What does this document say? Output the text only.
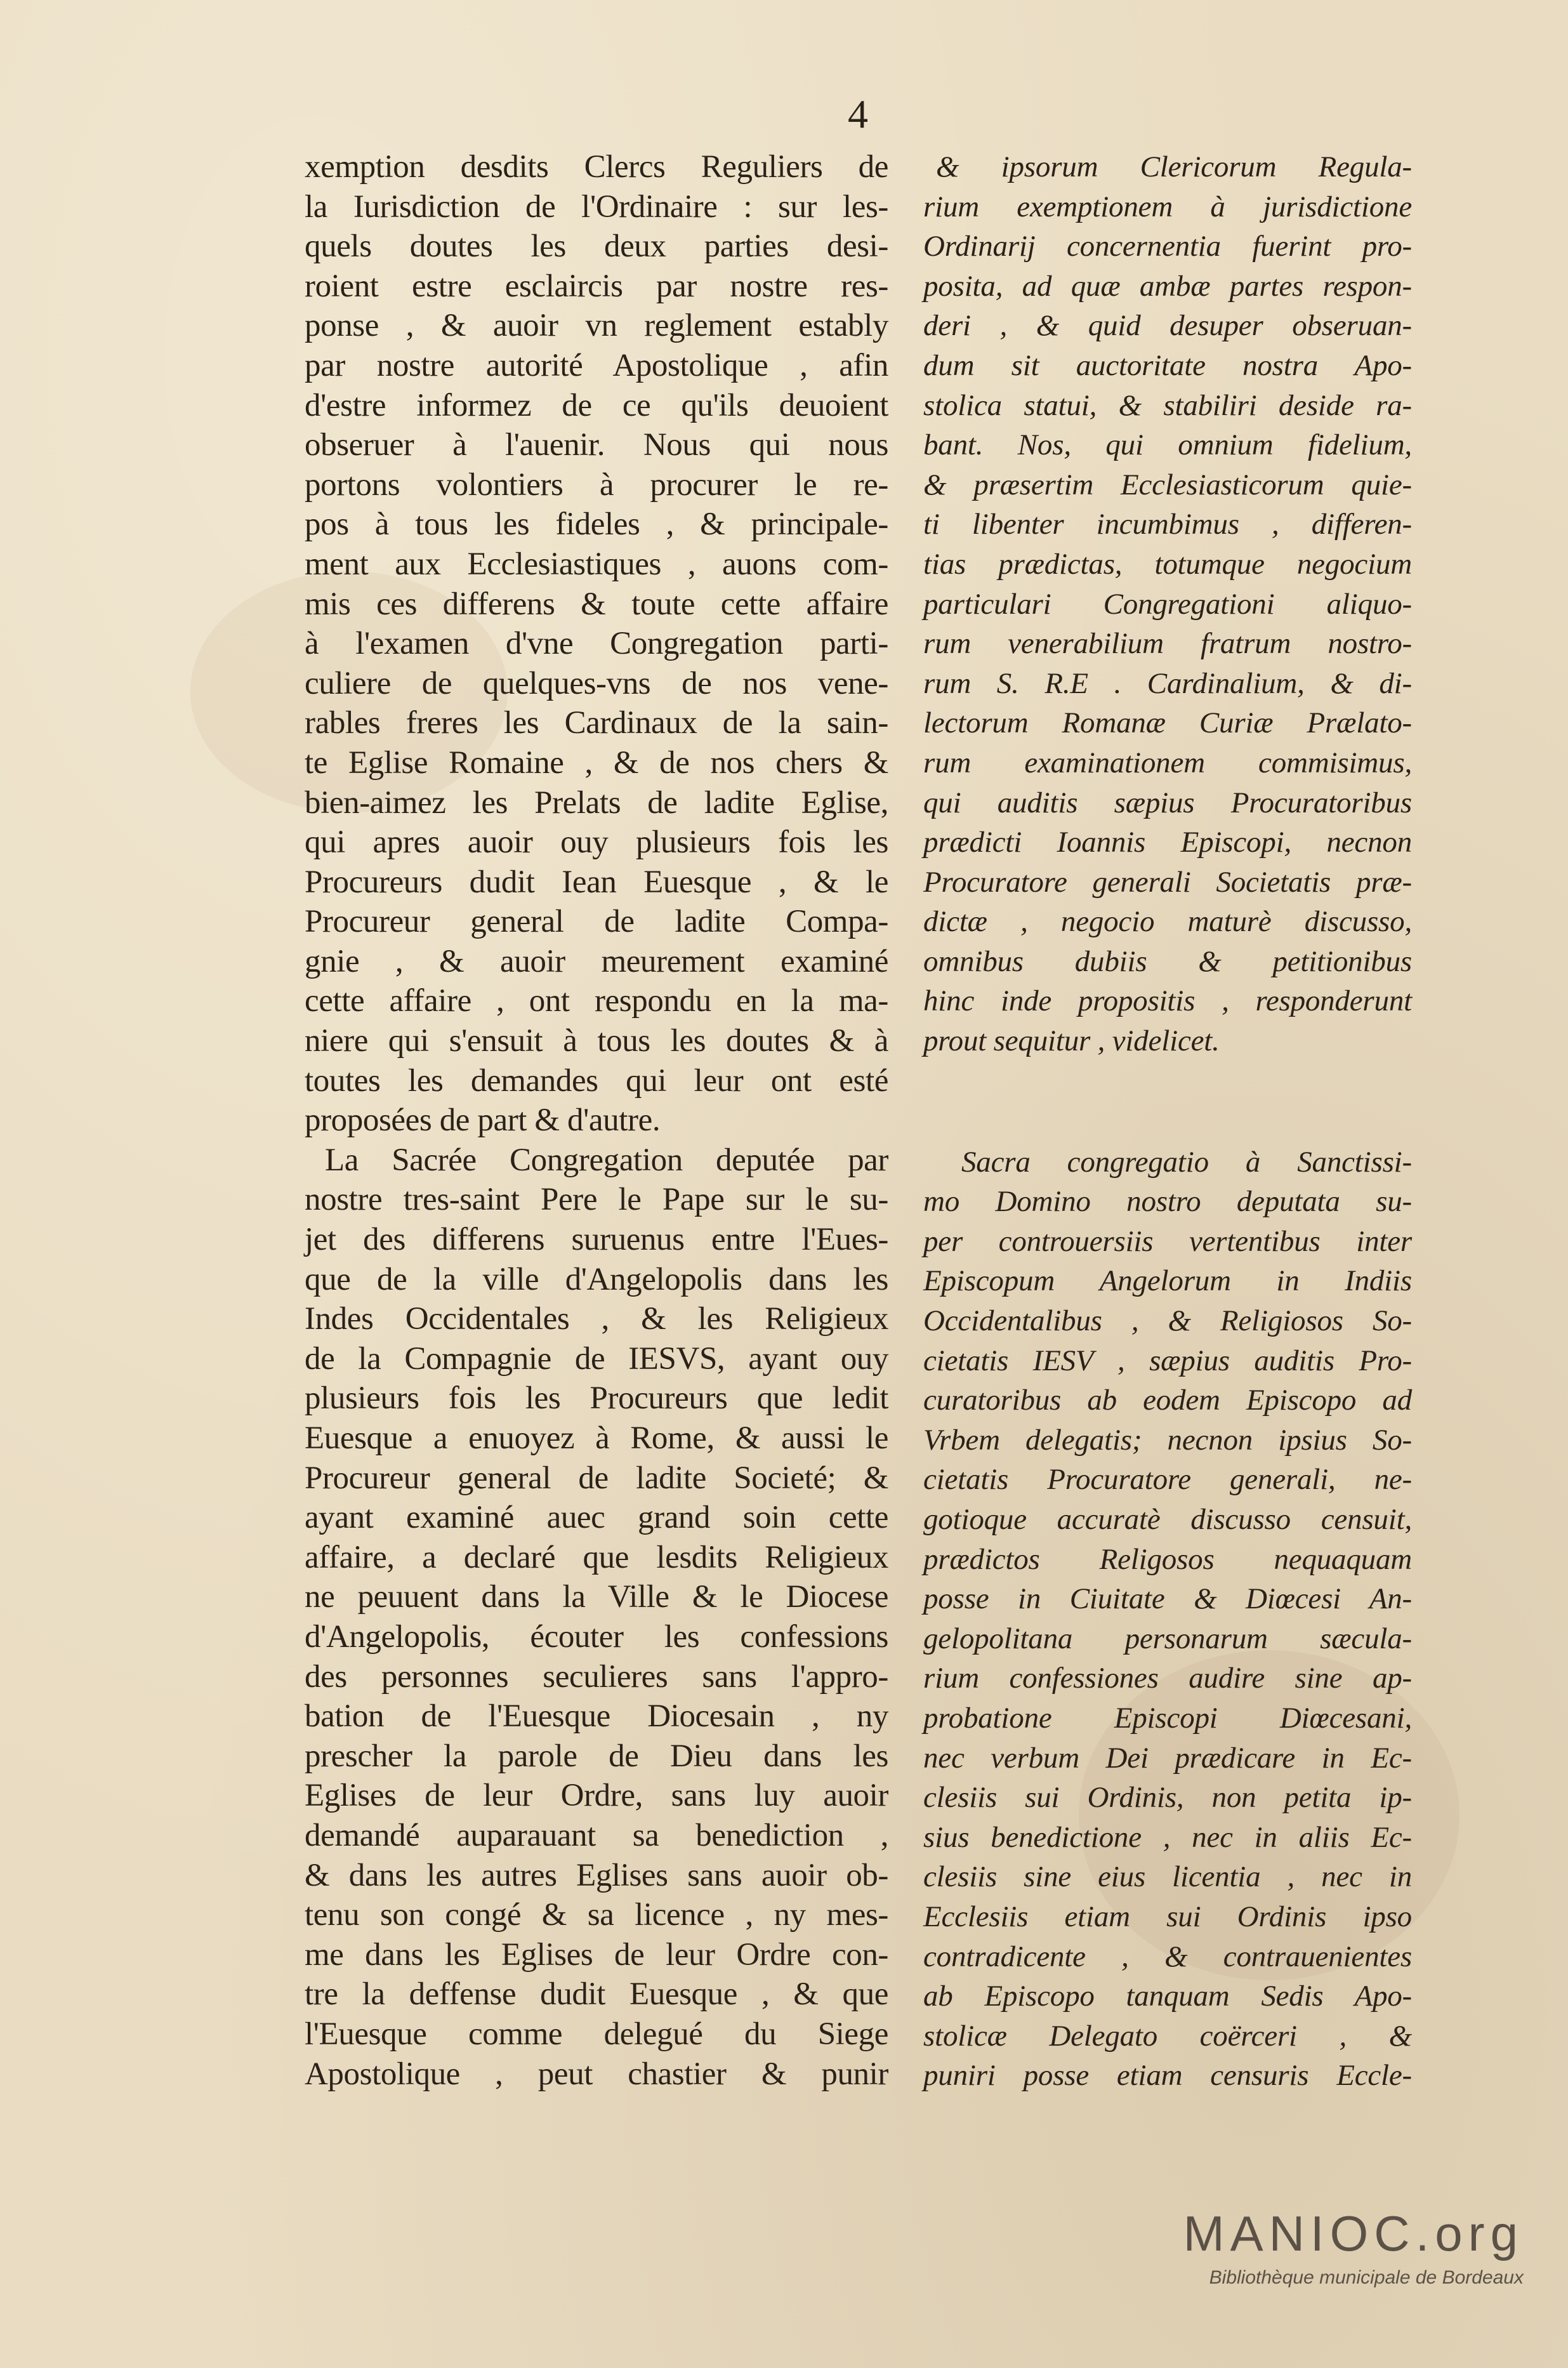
4
xemption desdits Clercs Reguliers de
la Iurisdiction de l'Ordinaire : sur les-
quels doutes les deux parties desi-
roient estre esclaircis par nostre res-
ponse , & auoir vn reglement estably
par nostre autorité Apostolique , afin
d'estre informez de ce qu'ils deuoient
obseruer à l'auenir. Nous qui nous
portons volontiers à procurer le re-
pos à tous les fideles , & principale-
ment aux Ecclesiastiques , auons com-
mis ces differens & toute cette affaire
à l'examen d'vne Congregation parti-
culiere de quelques-vns de nos vene-
rables freres les Cardinaux de la sain-
te Eglise Romaine , & de nos chers &
bien-aimez les Prelats de ladite Eglise,
qui apres auoir ouy plusieurs fois les
Procureurs dudit Iean Euesque , & le
Procureur general de ladite Compa-
gnie , & auoir meurement examiné
cette affaire , ont respondu en la ma-
niere qui s'ensuit à tous les doutes & à
toutes les demandes qui leur ont esté
proposées de part & d'autre.
La Sacrée Congregation deputée par
nostre tres-saint Pere le Pape sur le su-
jet des differens suruenus entre l'Eues-
que de la ville d'Angelopolis dans les
Indes Occidentales , & les Religieux
de la Compagnie de IESVS, ayant ouy
plusieurs fois les Procureurs que ledit
Euesque a enuoyez à Rome, & aussi le
Procureur general de ladite Societé; &
ayant examiné auec grand soin cette
affaire, a declaré que lesdits Religieux
ne peuuent dans la Ville & le Diocese
d'Angelopolis, écouter les confessions
des personnes seculieres sans l'appro-
bation de l'Euesque Diocesain , ny
prescher la parole de Dieu dans les
Eglises de leur Ordre, sans luy auoir
demandé auparauant sa benediction ,
& dans les autres Eglises sans auoir ob-
tenu son congé & sa licence , ny mes-
me dans les Eglises de leur Ordre con-
tre la deffense dudit Euesque , & que
l'Euesque comme delegué du Siege
Apostolique , peut chastier & punir
& ipsorum Clericorum Regula-
rium exemptionem à jurisdictione
Ordinarij concernentia fuerint pro-
posita, ad quæ ambæ partes respon-
deri , & quid desuper obseruan-
dum sit auctoritate nostra Apo-
stolica statui, & stabiliri deside ra-
bant. Nos, qui omnium fidelium,
& præsertim Ecclesiasticorum quie-
ti libenter incumbimus , differen-
tias prædictas, totumque negocium
particulari Congregationi aliquo-
rum venerabilium fratrum nostro-
rum S. R.E . Cardinalium, & di-
lectorum Romanæ Curiæ Prælato-
rum examinationem commisimus,
qui auditis sæpius Procuratoribus
prædicti Ioannis Episcopi, necnon
Procuratore generali Societatis præ-
dictæ , negocio maturè discusso,
omnibus dubiis & petitionibus
hinc inde propositis , responderunt
prout sequitur , videlicet.
Sacra congregatio à Sanctissi-
mo Domino nostro deputata su-
per controuersiis vertentibus inter
Episcopum Angelorum in Indiis
Occidentalibus , & Religiosos So-
cietatis IESV , sæpius auditis Pro-
curatoribus ab eodem Episcopo ad
Vrbem delegatis; necnon ipsius So-
cietatis Procuratore generali, ne-
gotioque accuratè discusso censuit,
prædictos Religosos nequaquam
posse in Ciuitate & Diœcesi An-
gelopolitana personarum sæcula-
rium confessiones audire sine ap-
probatione Episcopi Diœcesani,
nec verbum Dei prædicare in Ec-
clesiis sui Ordinis, non petita ip-
sius benedictione , nec in aliis Ec-
clesiis sine eius licentia , nec in
Ecclesiis etiam sui Ordinis ipso
contradicente , & contrauenientes
ab Episcopo tanquam Sedis Apo-
stolicæ Delegato coërceri , &
puniri posse etiam censuris Eccle-
MANIOC.org
Bibliothèque municipale de Bordeaux
